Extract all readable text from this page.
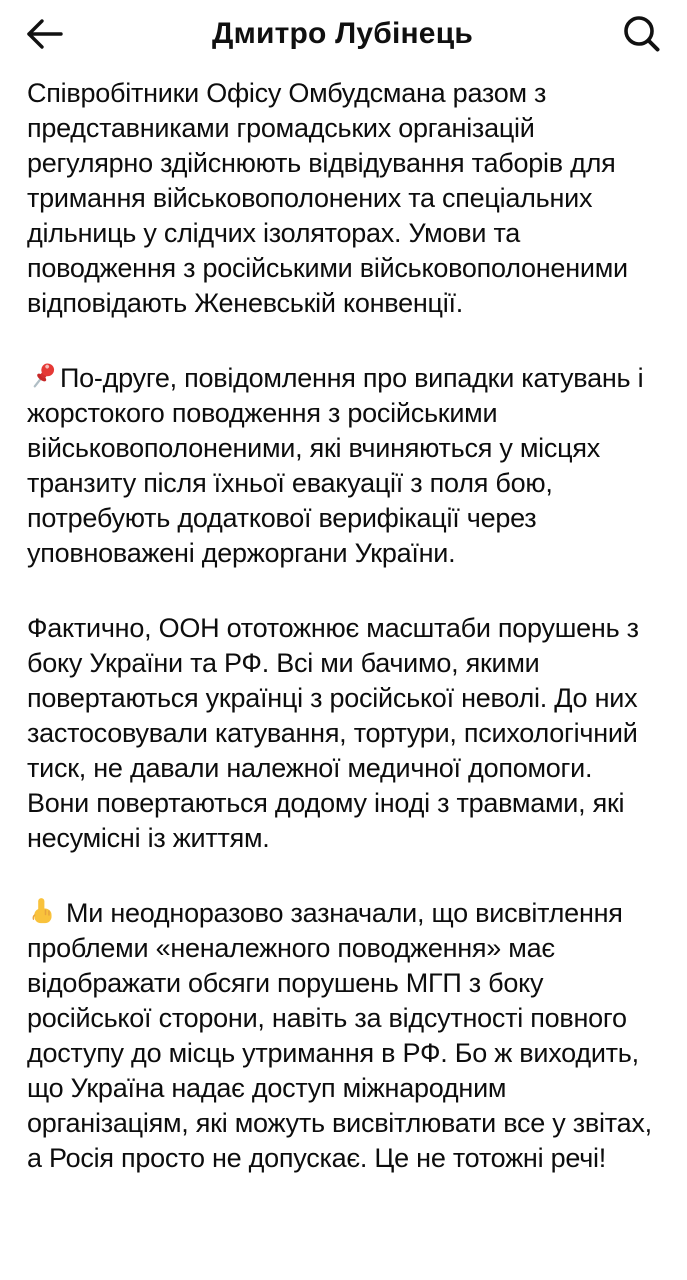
Дмитро Лубінець

Співробітники Офісу Омбудсмана разом з представниками громадських організацій регулярно здійснюють відвідування таборів для тримання військовополонених та спеціальних дільниць у слідчих ізоляторах. Умови та поводження з російськими військовополоненими відповідають Женевській конвенції.

По-друге, повідомлення про випадки катувань і жорстокого поводження з російськими військовополоненими, які вчиняються у місцях транзиту після їхньої евакуації з поля бою, потребують додаткової верифікації через уповноважені держоргани України.

Фактично, ООН ототожнює масштаби порушень з боку України та РФ. Всі ми бачимо, якими повертаються українці з російської неволі. До них застосовували катування, тортури, психологічний тиск, не давали належної медичної допомоги. Вони повертаються додому іноді з травмами, які несумісні із життям.

Ми неодноразово зазначали, що висвітлення проблеми «неналежного поводження» має відображати обсяги порушень МГП з боку російської сторони, навіть за відсутності повного доступу до місць утримання в РФ. Бо ж виходить, що Україна надає доступ міжнародним організаціям, які можуть висвітлювати все у звітах, а Росія просто не допускає. Це не тотожні речі!
